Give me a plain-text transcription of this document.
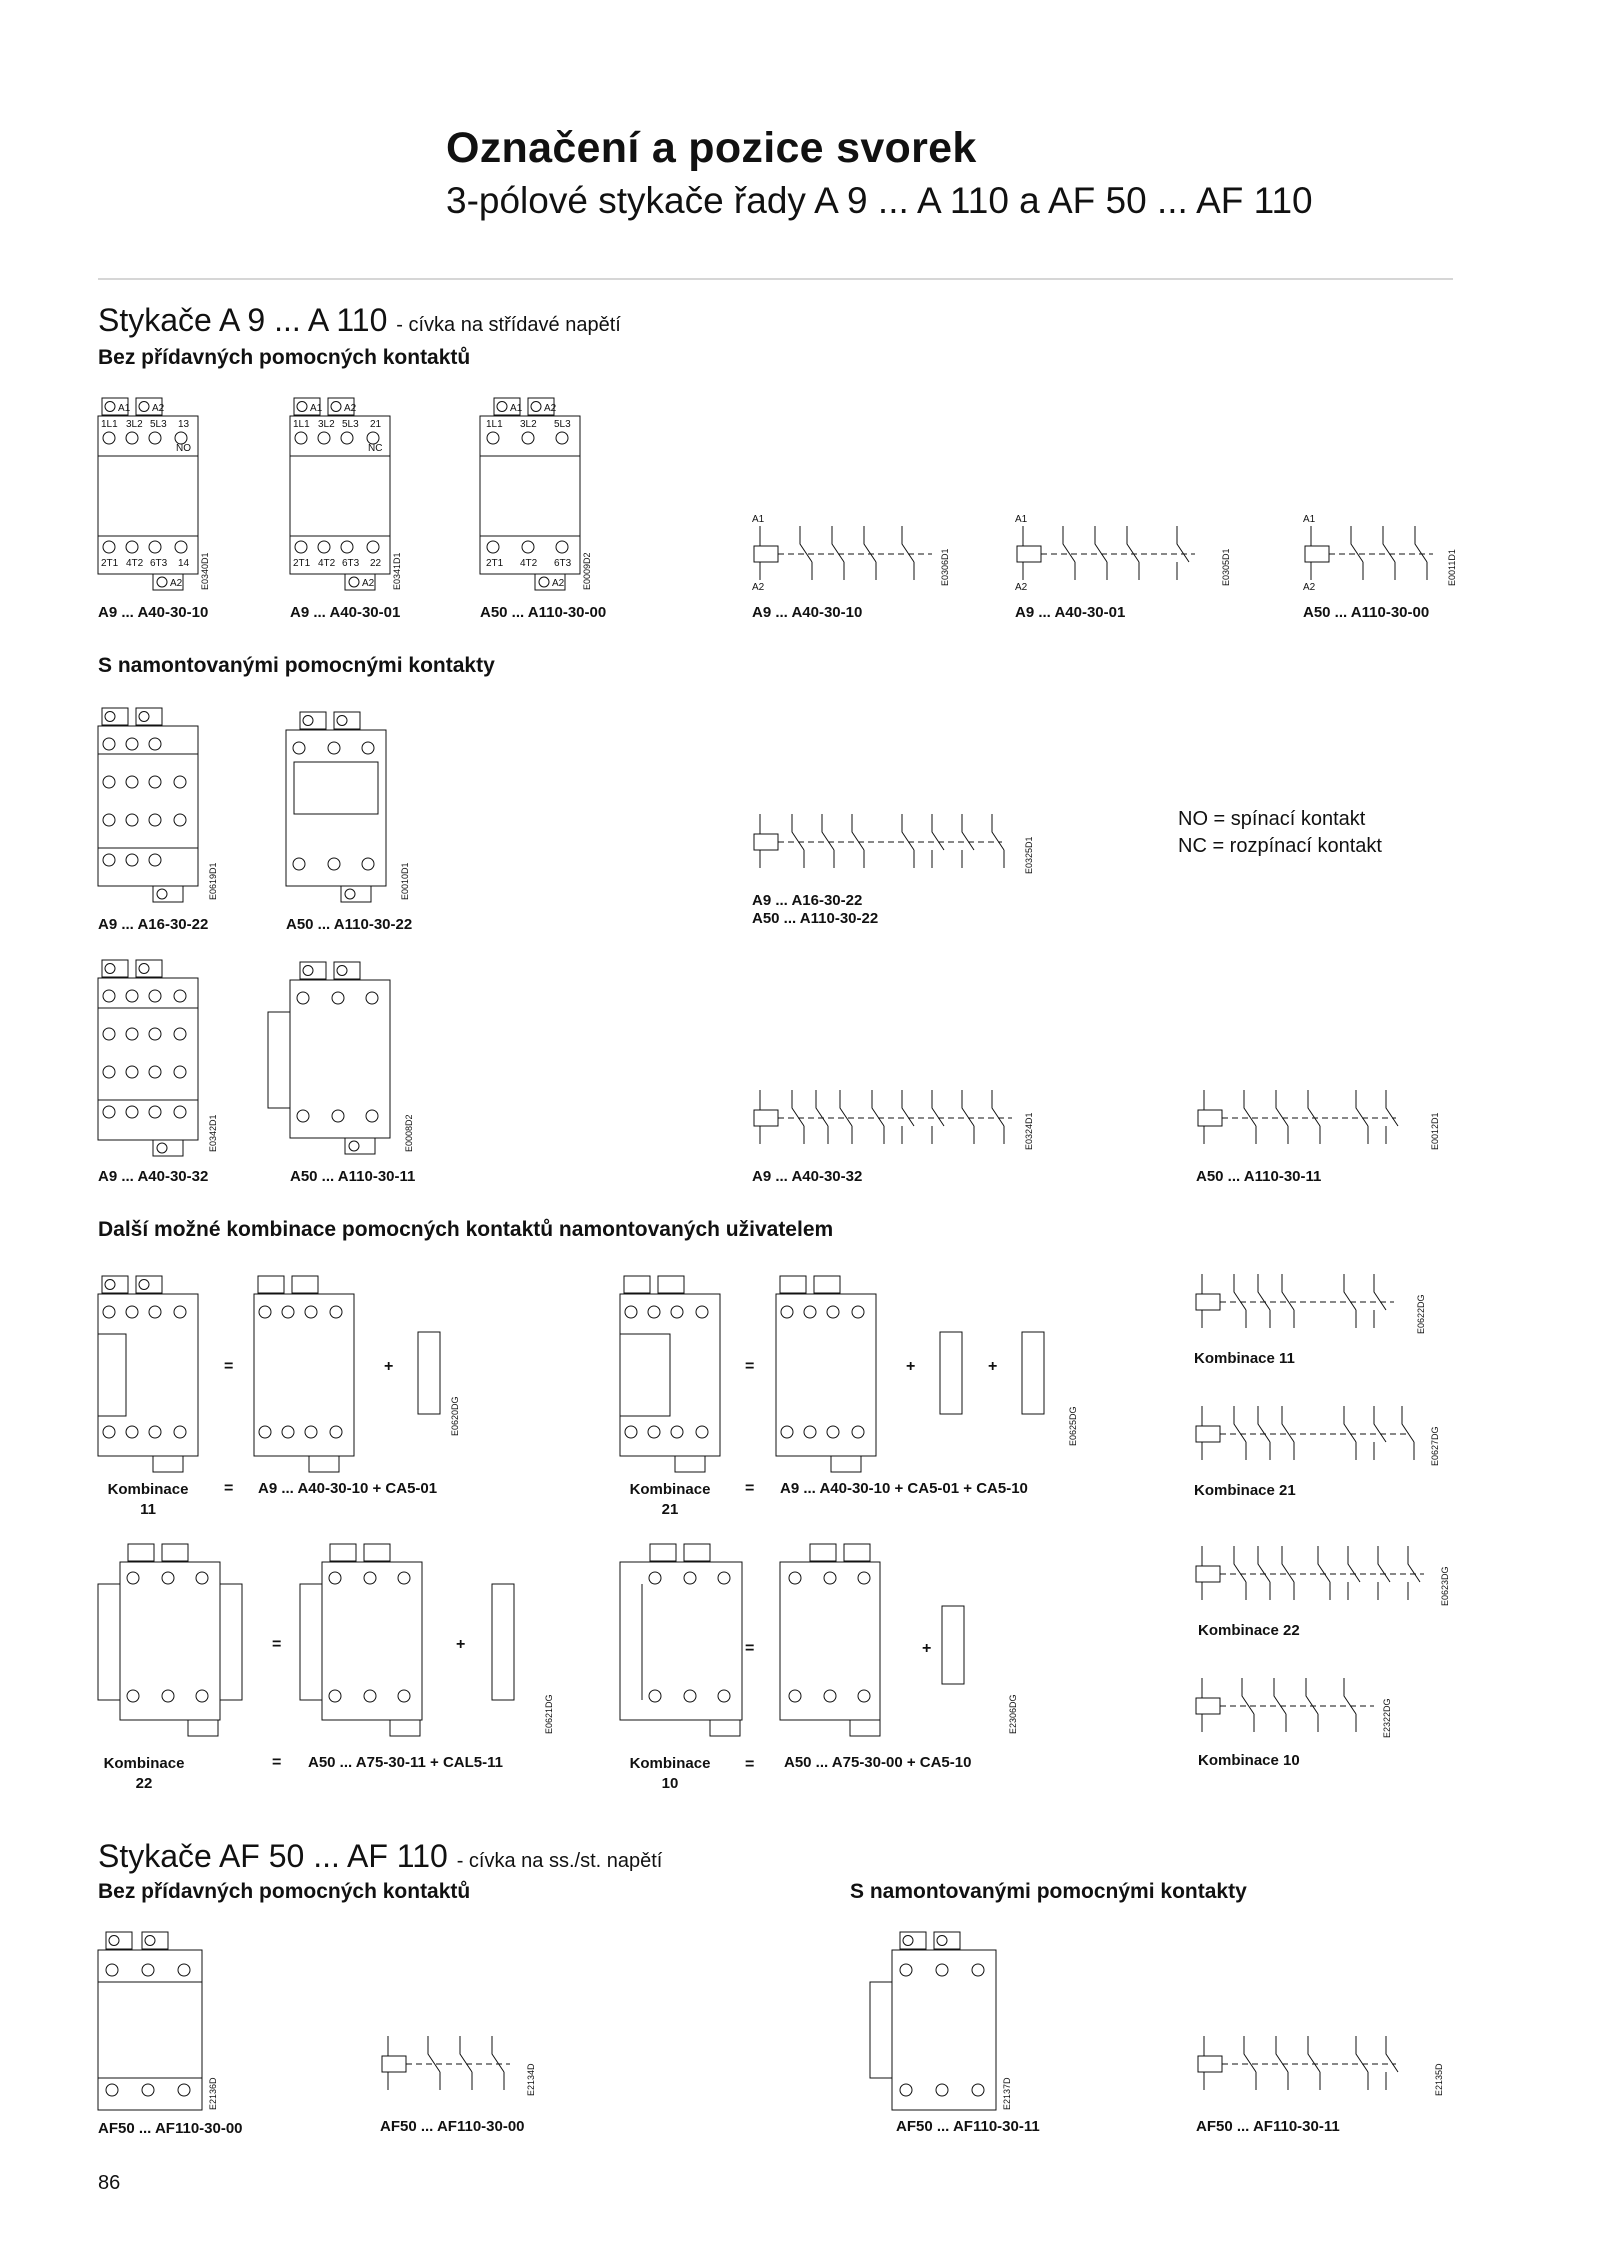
Označení a pozice svorek
3-pólové stykače řady A 9 ... A 110 a AF 50 ... AF 110
Stykače A 9 ... A 110 - cívka na střídavé napětí
Bez přídavných pomocných kontaktů
A1 A2
1L1 3L2 5L3 13
NO
2T1 4T2 6T3 14
A2 E0340D1
A1 A2
1L1 3L2 5L3 21
NC
2T1 4T2 6T3 22
A2 E0341D1
A1 A2
1L1 3L2 5L3
2T1 4T2 6T3
A2 E0009D2
A1
A2
E0306D1
A1
A2
E0305D1
A1
A2
E0011D1
A9 ... A40-30-10	A9 ... A40-30-01	A50 ... A110-30-00	A9 ... A40-30-10	A9 ... A40-30-01	A50 ... A110-30-00
S namontovanými pomocnými kontakty
E0619D1	E0010D1
E0325D1
A9 ... A16-30-22	A50 ... A110-30-22
A9 ... A16-30-22
A50 ... A110-30-22
NO = spínací kontakt
NC = rozpínací kontakt
E0342D1	E0008D2	E0324D1	E0012D1
A9 ... A40-30-32	A50 ... A110-30-11	A9 ... A40-30-32	A50 ... A110-30-11
Další možné kombinace pomocných kontaktů namontovaných uživatelem
E0620DG	E0625DG
=	+	=	+	+
Kombinace
11
= A9 ... A40-30-10 + CA5-01	Kombinace
21
= A9 ... A40-30-10 + CA5-01 + CA5-10
E0621DG	E2306DG
=	+	=	+
Kombinace
22
= A50 ... A75-30-11 + CAL5-11	Kombinace
10
= A50 ... A75-30-00 + CA5-10
E0622DG
Kombinace 11
E0627DG
Kombinace 21
E0623DG
Kombinace 22
E2322DG
Kombinace 10
Stykače AF 50 ... AF 110 - cívka na ss./st. napětí
Bez přídavných pomocných kontaktů	S namontovanými pomocnými kontakty
E2136D	E2134D	E2137D	E2135D
AF50 ... AF110-30-00	AF50 ... AF110-30-00	AF50 ... AF110-30-11	AF50 ... AF110-30-11
86
